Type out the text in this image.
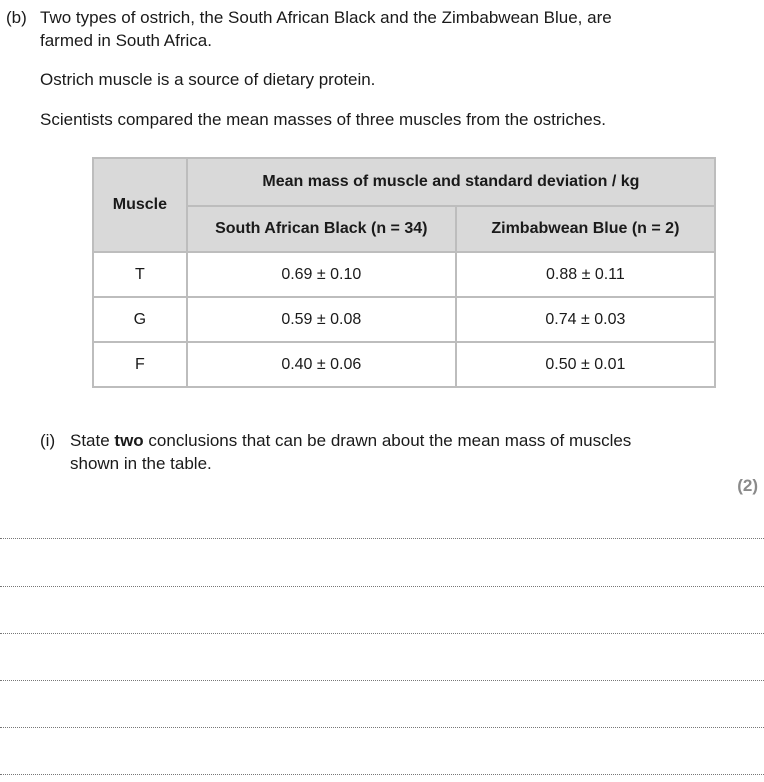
(b) Two types of ostrich, the South African Black and the Zimbabwean Blue, are

farmed in South Africa.

Ostrich muscle is a source of dietary protein.

Scientists compared the mean masses of three muscles from the ostriches.

Muscle	Mean mass of muscle and standard deviation / kg	
	South African Black (n = 34)	Zimbabwean Blue (n = 2)
T	0.69 ± 0.10	0.88 ± 0.11
G	0.59 ± 0.08	0.74 ± 0.03
F	0.40 ± 0.06	0.50 ± 0.01
(i) State two conclusions that can be drawn about the mean mass of muscles

shown in the table.

(2)
